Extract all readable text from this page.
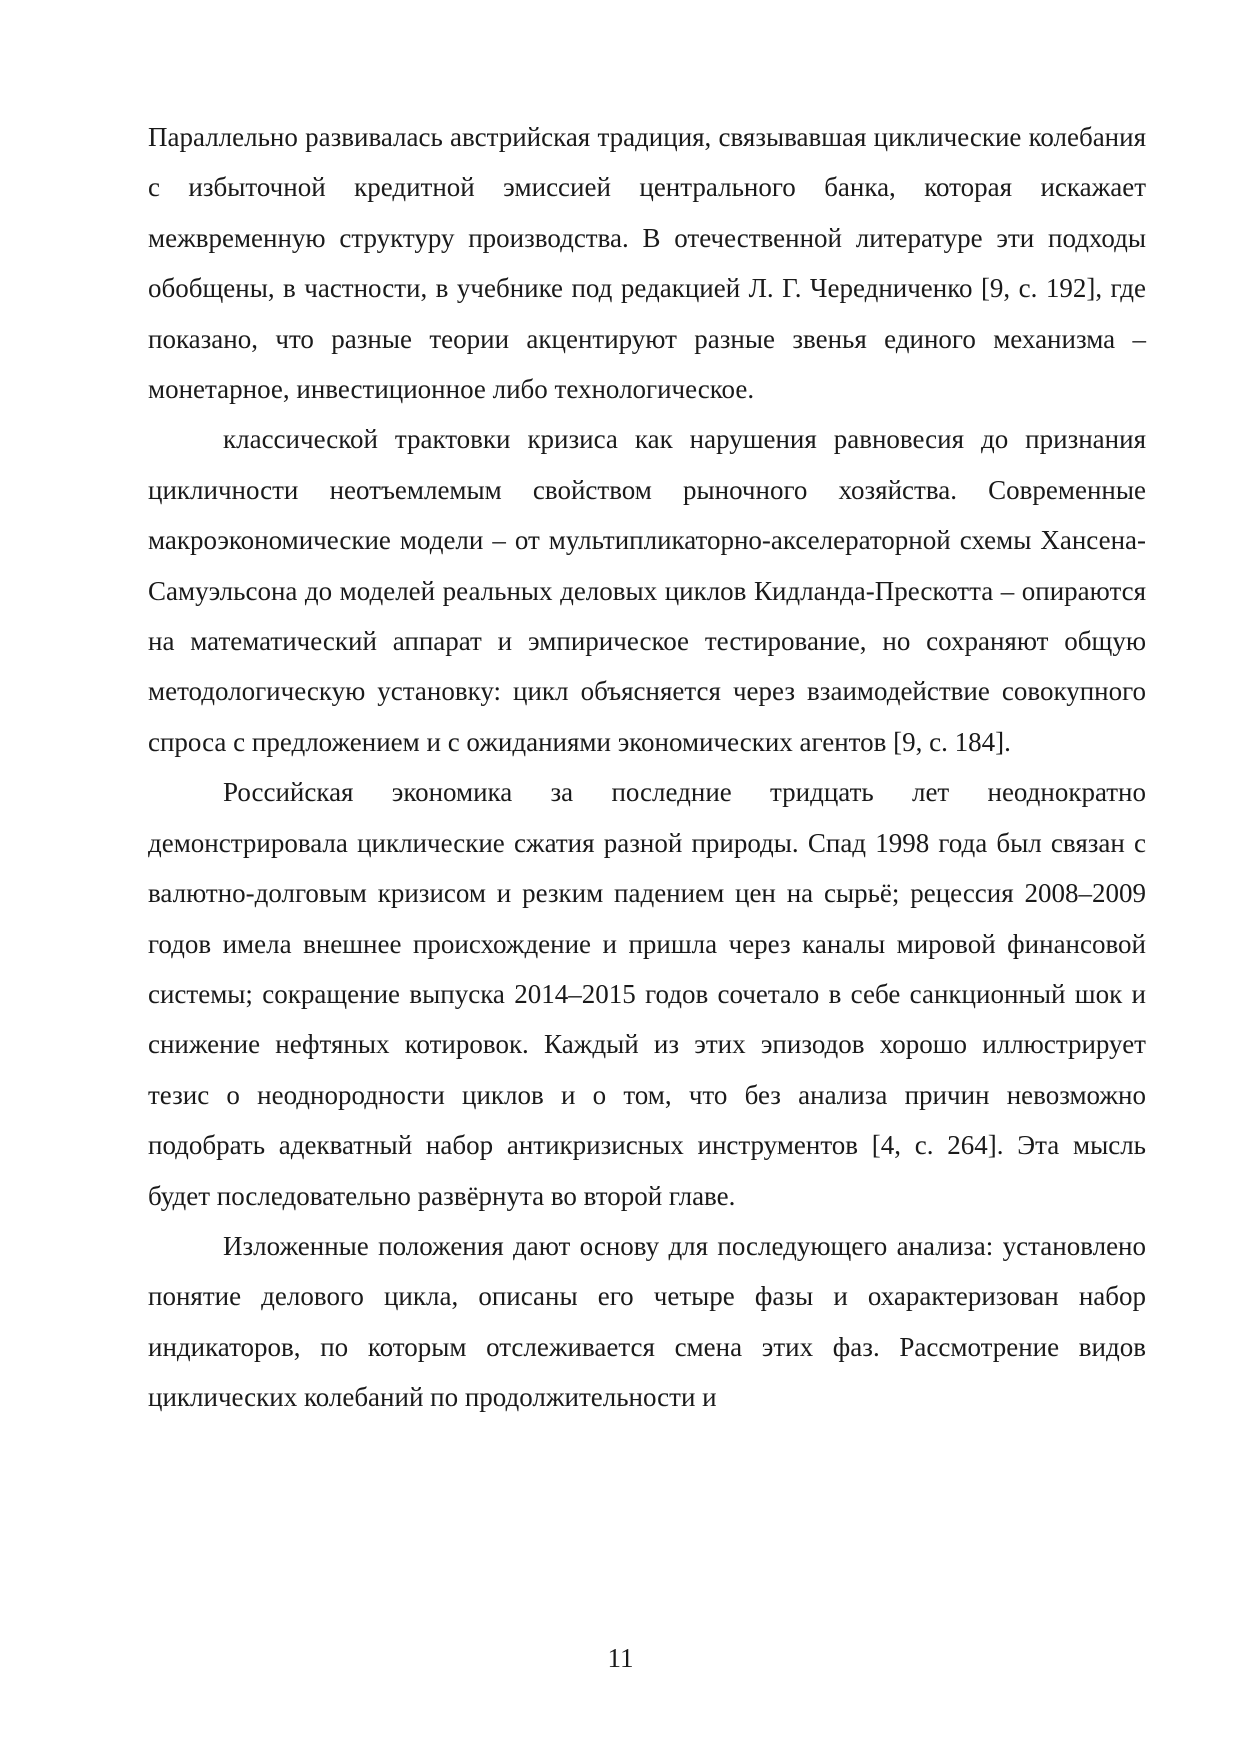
Параллельно развивалась австрийская традиция, связывавшая циклические колебания с избыточной кредитной эмиссией центрального банка, которая искажает межвременную структуру производства. В отечественной литературе эти подходы обобщены, в частности, в учебнике под редакцией Л. Г. Чередниченко [9, с. 192], где показано, что разные теории акцентируют разные звенья единого механизма – монетарное, инвестиционное либо технологическое.

классической трактовки кризиса как нарушения равновесия до признания цикличности неотъемлемым свойством рыночного хозяйства. Современные макроэкономические модели – от мультипликаторно-акселераторной схемы Хансена-Самуэльсона до моделей реальных деловых циклов Кидланда-Прескотта – опираются на математический аппарат и эмпирическое тестирование, но сохраняют общую методологическую установку: цикл объясняется через взаимодействие совокупного спроса с предложением и с ожиданиями экономических агентов [9, с. 184].

Российская экономика за последние тридцать лет неоднократно демонстрировала циклические сжатия разной природы. Спад 1998 года был связан с валютно-долговым кризисом и резким падением цен на сырьё; рецессия 2008–2009 годов имела внешнее происхождение и пришла через каналы мировой финансовой системы; сокращение выпуска 2014–2015 годов сочетало в себе санкционный шок и снижение нефтяных котировок. Каждый из этих эпизодов хорошо иллюстрирует тезис о неоднородности циклов и о том, что без анализа причин невозможно подобрать адекватный набор антикризисных инструментов [4, с. 264]. Эта мысль будет последовательно развёрнута во второй главе.

Изложенные положения дают основу для последующего анализа: установлено понятие делового цикла, описаны его четыре фазы и охарактеризован набор индикаторов, по которым отслеживается смена этих фаз. Рассмотрение видов циклических колебаний по продолжительности и

11
